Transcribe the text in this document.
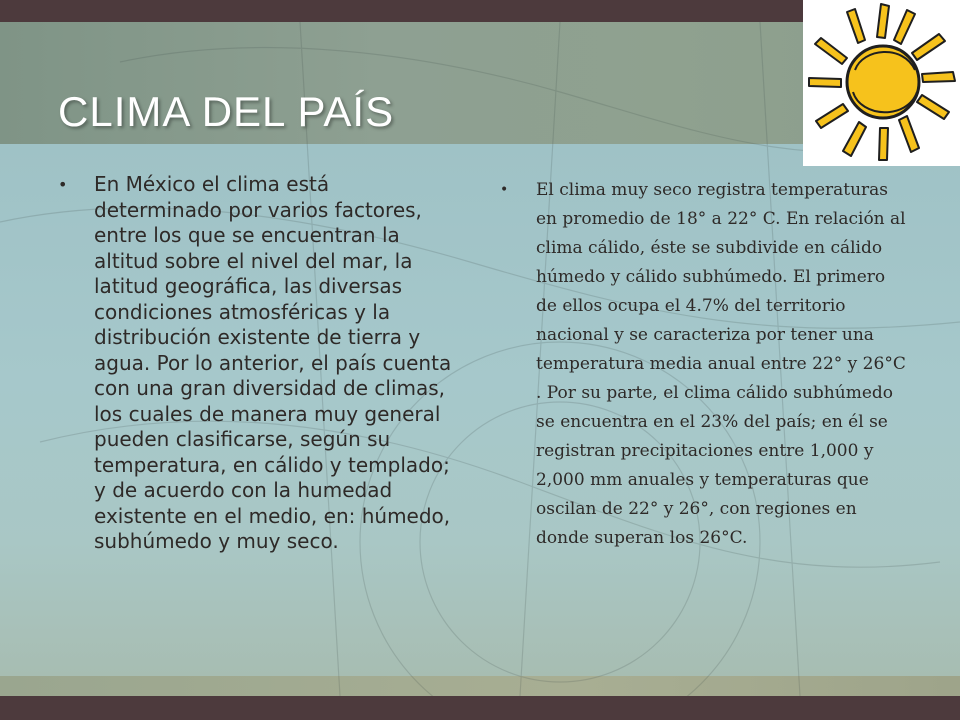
CLIMA DEL PAÍS
•	En México el clima está determinado por varios factores, entre los que se encuentran la altitud sobre el nivel del mar, la latitud geográfica, las diversas condiciones atmosféricas y la distribución existente de tierra y agua. Por lo anterior, el país cuenta con una gran diversidad de climas, los cuales de manera muy general pueden clasificarse, según su temperatura, en cálido y templado; y de acuerdo con la humedad existente en el medio, en: húmedo, subhúmedo y muy seco.

•	El clima muy seco registra temperaturas en promedio de 18° a 22° C. En relación al clima cálido, éste se subdivide en cálido húmedo y cálido subhúmedo. El primero de ellos ocupa el 4.7% del territorio nacional y se caracteriza por tener una temperatura media anual entre 22° y 26°C . Por su parte, el clima cálido subhúmedo se encuentra en el 23% del país; en él se registran precipitaciones entre 1,000 y 2,000 mm anuales y temperaturas que oscilan de 22° y 26°, con regiones en donde superan los 26°C.
